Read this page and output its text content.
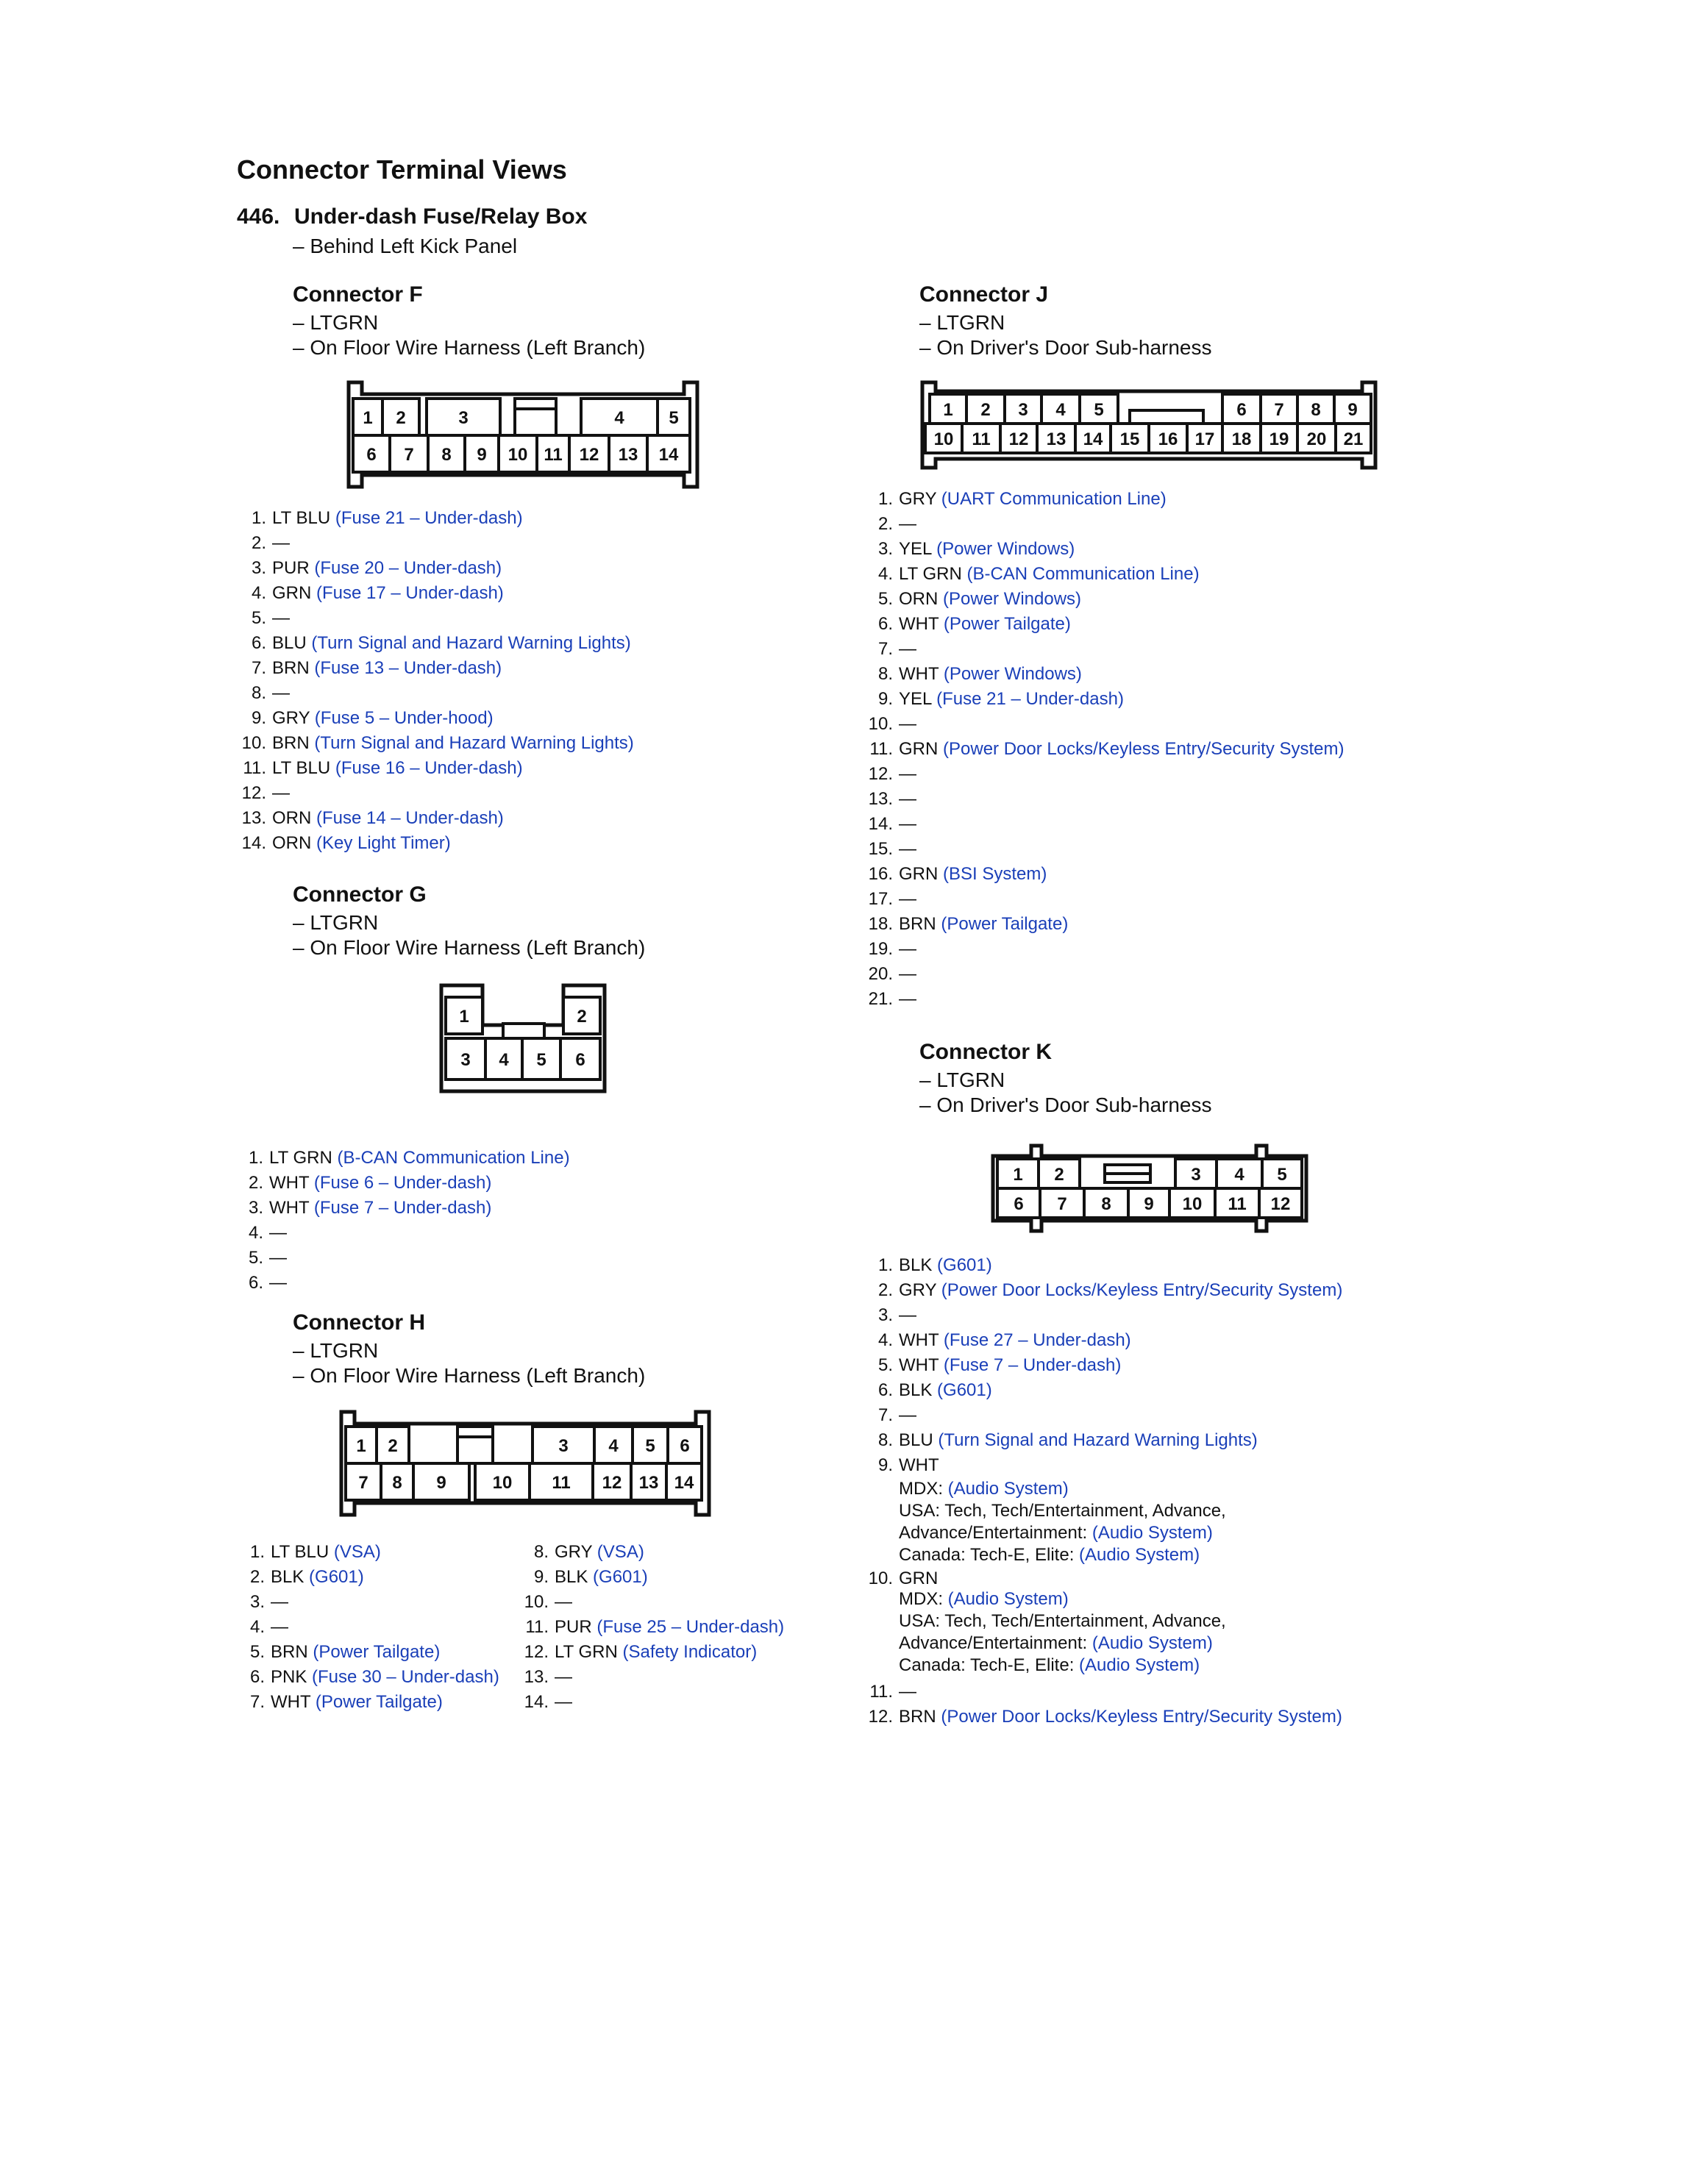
Connector Terminal Views
446. Under-dash Fuse/Relay Box
– Behind Left Kick Panel
Connector F
– LTGRN
– On Floor Wire Harness (Left Branch)
1 2	3	4	5
6 7 8 9 10 11 12 13 14
1. LT BLU (Fuse 21 – Under-dash)
2. —
3. PUR (Fuse 20 – Under-dash)
4. GRN (Fuse 17 – Under-dash)
5. —
6. BLU (Turn Signal and Hazard Warning Lights)
7. BRN (Fuse 13 – Under-dash)
8. —
9. GRY (Fuse 5 – Under-hood)
10. BRN (Turn Signal and Hazard Warning Lights)
11. LT BLU (Fuse 16 – Under-dash)
12. —
13. ORN (Fuse 14 – Under-dash)
14. ORN (Key Light Timer)
Connector G
– LTGRN
– On Floor Wire Harness (Left Branch)
1	2
3 4 5 6
1. LT GRN (B-CAN Communication Line)
2. WHT (Fuse 6 – Under-dash)
3. WHT (Fuse 7 – Under-dash)
4. —
5. —
6. —
Connector H
– LTGRN
– On Floor Wire Harness (Left Branch)
1 2	3 4 5 6
7 8 9	10 11 12 13 14
1. LT BLU (VSA)
2. BLK (G601)
3. —
4. —
5. BRN (Power Tailgate)
6. PNK (Fuse 30 – Under-dash)
7. WHT (Power Tailgate)
8. GRY (VSA)
9. BLK (G601)
10. —
11. PUR (Fuse 25 – Under-dash)
12. LT GRN (Safety Indicator)
13. —
14. —
Connector J
– LTGRN
– On Driver's Door Sub-harness
1 2 3 4 5	6 7 8 9
10 11 12 13 14 15 16 17 18 19 20 21
1. GRY (UART Communication Line)
2. —
3. YEL (Power Windows)
4. LT GRN (B-CAN Communication Line)
5. ORN (Power Windows)
6. WHT (Power Tailgate)
7. —
8. WHT (Power Windows)
9. YEL (Fuse 21 – Under-dash)
10. —
11. GRN (Power Door Locks/Keyless Entry/Security System)
12. —
13. —
14. —
15. —
16. GRN (BSI System)
17. —
18. BRN (Power Tailgate)
19. —
20. —
21. —
Connector K
– LTGRN
– On Driver's Door Sub-harness
1 2	3 4 5
6 7 8 9 10 11 12
1. BLK (G601)
2. GRY (Power Door Locks/Keyless Entry/Security System)
3. —
4. WHT (Fuse 27 – Under-dash)
5. WHT (Fuse 7 – Under-dash)
6. BLK (G601)
7. —
8. BLU (Turn Signal and Hazard Warning Lights)
9. WHT
MDX: (Audio System)
USA: Tech, Tech/Entertainment, Advance,
Advance/Entertainment: (Audio System)
Canada: Tech-E, Elite: (Audio System)
10. GRN
MDX: (Audio System)
USA: Tech, Tech/Entertainment, Advance,
Advance/Entertainment: (Audio System)
Canada: Tech-E, Elite: (Audio System)
11. —
12. BRN (Power Door Locks/Keyless Entry/Security System)
